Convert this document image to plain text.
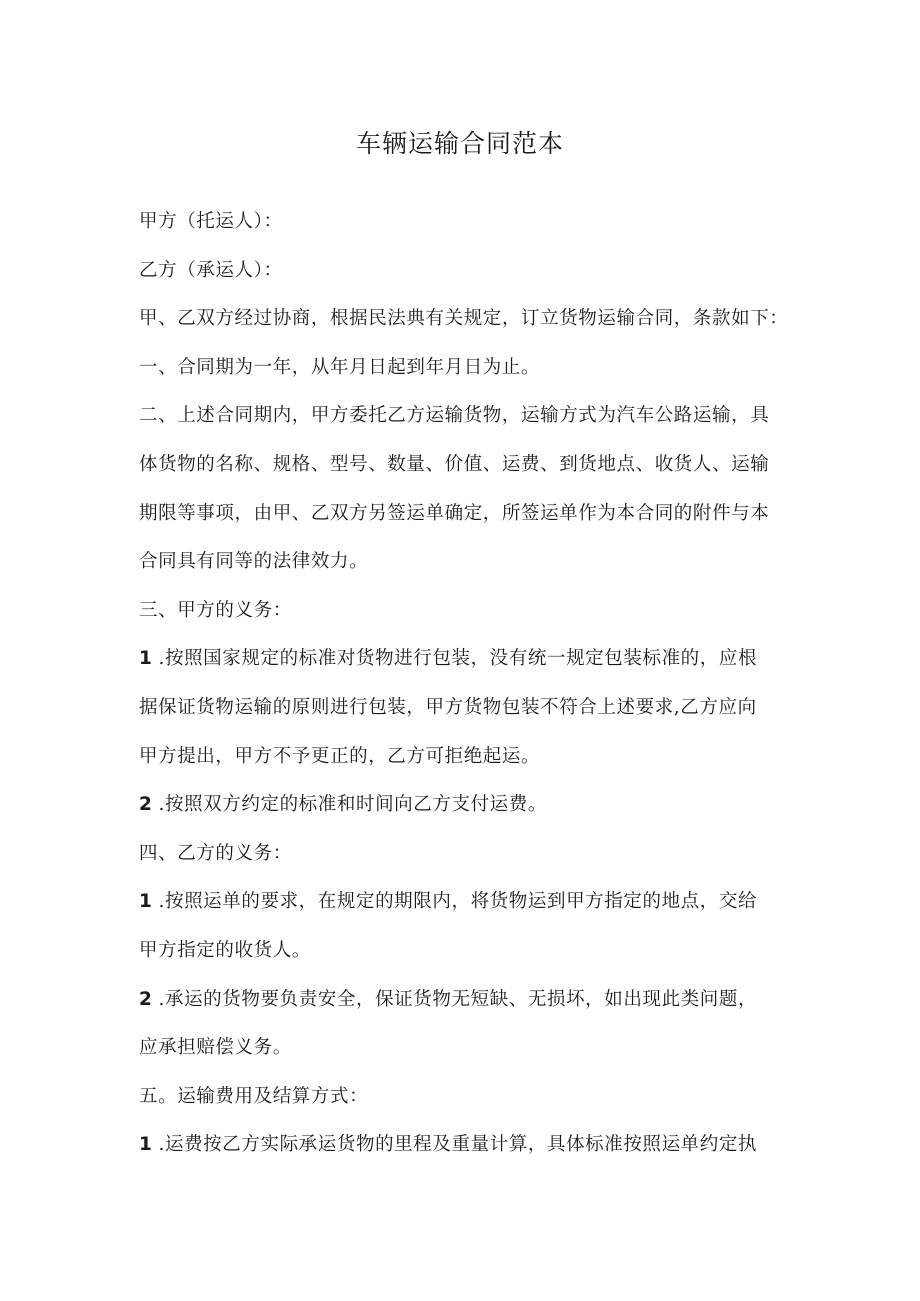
车辆运输合同范本
甲方（托运人）：
乙方（承运人）：
甲、乙双方经过协商，根据民法典有关规定，订立货物运输合同，条款如下：
一、合同期为一年，从年月日起到年月日为止。
二、上述合同期内，甲方委托乙方运输货物，运输方式为汽车公路运输，具
体货物的名称、规格、型号、数量、价值、运费、到货地点、收货人、运输
期限等事项，由甲、乙双方另签运单确定，所签运单作为本合同的附件与本
合同具有同等的法律效力。
三、甲方的义务：
1 .按照国家规定的标准对货物进行包装，没有统一规定包装标准的，应根
据保证货物运输的原则进行包装，甲方货物包装不符合上述要求,乙方应向
甲方提出，甲方不予更正的，乙方可拒绝起运。
2 .按照双方约定的标准和时间向乙方支付运费。
四、乙方的义务：
1 .按照运单的要求，在规定的期限内，将货物运到甲方指定的地点，交给
甲方指定的收货人。
2 .承运的货物要负责安全，保证货物无短缺、无损坏，如出现此类问题，
应承担赔偿义务。
五。运输费用及结算方式：
1 .运费按乙方实际承运货物的里程及重量计算，具体标准按照运单约定执
